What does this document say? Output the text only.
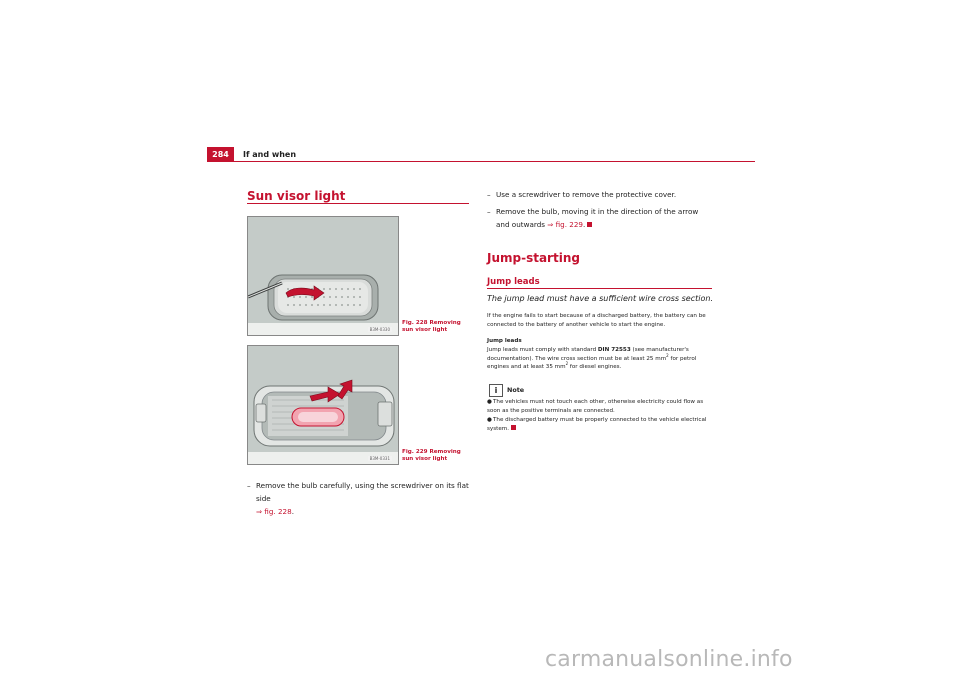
284	If and when
Sun visor light
B3M-0330
Fig. 228 Removing sun visor light
B3M-0331
Fig. 229 Removing sun visor light
– Remove the bulb carefully, using the screwdriver on its flat side
⇒ fig. 228.
– Use a screwdriver to remove the protective cover.
– Remove the bulb, moving it in the direction of the arrow and outwards ⇒ fig. 229.
Jump-starting
Jump leads
The jump lead must have a sufficient wire cross section.
If the engine fails to start because of a discharged battery, the battery can be connected to the battery of another vehicle to start the engine.
Jump leads
Jump leads must comply with standard DIN 72553 (see manufacturer's documentation). The wire cross section must be at least 25 $mm^2$ for petrol engines and at least 35 $mm^2$ for diesel engines.
i	Note
● The vehicles must not touch each other, otherwise electricity could flow as soon as the positive terminals are connected.
● The discharged battery must be properly connected to the vehicle electrical system.
carmanualsonline.info
